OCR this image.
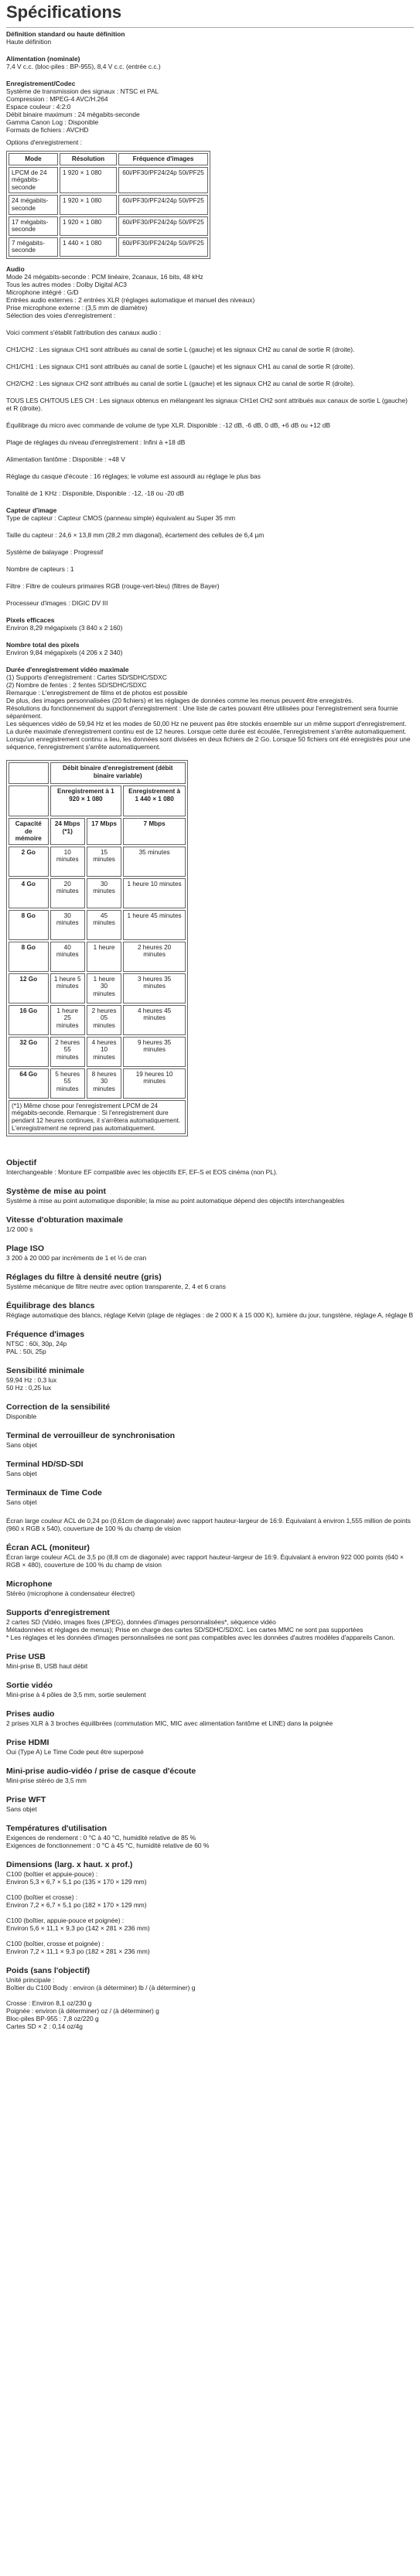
Spécifications
Définition standard ou haute définition
Haute définition
Alimentation (nominale)
7,4 V c.c. (bloc-piles : BP-955), 8,4 V c.c. (entrée c.c.)
Enregistrement/Codec
Système de transmission des signaux : NTSC et PAL
Compression : MPEG-4 AVC/H.264
Espace couleur : 4:2:0
Débit binaire maximum : 24 mégabits-seconde
Gamma Canon Log : Disponible
Formats de fichiers : AVCHD
Options d'enregistrement :
Mode	Résolution	Fréquence d'images
LPCM de 24 mégabits-seconde	1 920 × 1 080	60i/PF30/PF24/24p 50i/PF25
24 mégabits-seconde	1 920 × 1 080	60i/PF30/PF24/24p 50i/PF25
17 mégabits-seconde	1 920 × 1 080	60i/PF30/PF24/24p 50i/PF25
7 mégabits-seconde	1 440 × 1 080	60i/PF30/PF24/24p 50i/PF25
Audio
Mode 24 mégabits-seconde : PCM linéaire, 2canaux, 16 bits, 48 kHz
Tous les autres modes : Dolby Digital AC3
Microphone intégré : G/D
Entrées audio externes : 2 entrées XLR (réglages automatique et manuel des niveaux)
Prise microphone externe : (3,5 mm de diamètre)
Sélection des voies d'enregistrement :
Voici comment s'établit l'attribution des canaux audio :
CH1/CH2 : Les signaux CH1 sont attribués au canal de sortie L (gauche) et les signaux CH2 au canal de sortie R (droite).
CH1/CH1 : Les signaux CH1 sont attribués au canal de sortie L (gauche) et les signaux CH1 au canal de sortie R (droite).
CH2/CH2 : Les signaux CH2 sont attribués au canal de sortie L (gauche) et les signaux CH2 au canal de sortie R (droite).
TOUS LES CH/TOUS LES CH : Les signaux obtenus en mélangeant les signaux CH1et CH2 sont attribués aux canaux de sortie L (gauche) et R (droite).
Équilibrage du micro avec commande de volume de type XLR. Disponible : -12 dB, -6 dB, 0 dB, +6 dB ou +12 dB
Plage de réglages du niveau d'enregistrement : Infini à +18 dB
Alimentation fantôme : Disponible : +48 V
Réglage du casque d'écoute : 16 réglages; le volume est assourdi au réglage le plus bas
Tonalité de 1 KHz : Disponible, Disponible : -12, -18 ou -20 dB
Capteur d'image
Type de capteur : Capteur CMOS (panneau simple) équivalent au Super 35 mm
Taille du capteur : 24,6 × 13,8 mm (28,2 mm diagonal), écartement des cellules de 6,4 µm
Système de balayage : Progressif
Nombre de capteurs : 1
Filtre : Filtre de couleurs primaires RGB (rouge-vert-bleu) (filtres de Bayer)
Processeur d'images : DIGIC DV III
Pixels efficaces
Environ 8,29 mégapixels (3 840 x 2 160)
Nombre total des pixels
Environ 9,84 mégapixels (4 206 x 2 340)
Durée d'enregistrement vidéo maximale
(1) Supports d'enregistrement : Cartes SD/SDHC/SDXC
(2) Nombre de fentes : 2 fentes SD/SDHC/SDXC
Remarque : L'enregistrement de films et de photos est possible
De plus, des images personnalisées (20 fichiers) et les réglages de données comme les menus peuvent être enregistrés.
Résolutions du fonctionnement du support d'enregistrement : Une liste de cartes pouvant être utilisées pour l'enregistrement sera fournie séparément.
Les séquences vidéo de 59,94 Hz et les modes de 50,00 Hz ne peuvent pas être stockés ensemble sur un même support d'enregistrement.
La durée maximale d'enregistrement continu est de 12 heures. Lorsque cette durée est écoulée, l'enregistrement s'arrête automatiquement. Lorsqu'un enregistrement continu a lieu, les données sont divisées en deux fichiers de 2 Go. Lorsque 50 fichiers ont été enregistrés pour une séquence, l'enregistrement s'arrête automatiquement.
	Débit binaire d'enregistrement (débit binaire variable)		
	Enregistrement à 1 920 × 1 080		Enregistrement à 1 440 × 1 080
Capacité de mémoire	24 Mbps (*1)	17 Mbps	7 Mbps
2 Go	10 minutes	15 minutes	35 minutes
4 Go	20 minutes	30 minutes	1 heure 10 minutes
8 Go	30 minutes	45 minutes	1 heure 45 minutes
8 Go	40 minutes	1 heure	2 heures 20 minutes
12 Go	1 heure 5 minutes	1 heure 30 minutes	3 heures 35 minutes
16 Go	1 heure 25 minutes	2 heures 05 minutes	4 heures 45 minutes
32 Go	2 heures 55 minutes	4 heures 10 minutes	9 heures 35 minutes
64 Go	5 heures 55 minutes	8 heures 30 minutes	19 heures 10 minutes
(*1) Même chose pour l'enregistrement LPCM de 24 mégabits-seconde. Remarque : Si l'enregistrement dure pendant 12 heures continues, il s'arrêtera automatiquement. L'enregistrement ne reprend pas automatiquement.			
Objectif
Interchangeable : Monture EF compatible avec les objectifs EF, EF-S et EOS cinéma (non PL).
Système de mise au point
Système à mise au point automatique disponible; la mise au point automatique dépend des objectifs interchangeables
Vitesse d'obturation maximale
1/2 000 s
Plage ISO
3 200 à 20 000 par incréments de 1 et ⅓ de cran
Réglages du filtre à densité neutre (gris)
Système mécanique de filtre neutre avec option transparente, 2, 4 et 6 crans
Équilibrage des blancs
Réglage automatique des blancs, réglage Kelvin (plage de réglages : de 2 000 K à 15 000 K), lumière du jour, tungstène, réglage A, réglage B
Fréquence d'images
NTSC : 60i, 30p, 24p
PAL : 50i, 25p
Sensibilité minimale
59,94 Hz : 0,3 lux
50 Hz : 0,25 lux
Correction de la sensibilité
Disponible
Terminal de verrouilleur de synchronisation
Sans objet
Terminal HD/SD-SDI
Sans objet
Terminaux de Time Code
Sans objet
Écran large couleur ACL de 0,24 po (0,61cm de diagonale) avec rapport hauteur-largeur de 16:9. Équivalant à environ 1,555 million de points (960 x RGB x 540), couverture de 100 % du champ de vision
Écran ACL (moniteur)
Écran large couleur ACL de 3,5 po (8,8 cm de diagonale) avec rapport hauteur-largeur de 16:9. Équivalant à environ 922 000 points (640 × RGB × 480), couverture de 100 % du champ de vision
Microphone
Stéréo (microphone à condensateur électret)
Supports d'enregistrement
2 cartes SD (Vidéo, images fixes (JPEG), données d'images personnalisées*, séquence vidéo
Métadonnées et réglages de menus); Prise en charge des cartes SD/SDHC/SDXC. Les cartes MMC ne sont pas supportées
* Les réglages et les données d'images personnalisées ne sont pas compatibles avec les données d'autres modèles d'appareils Canon.
Prise USB
Mini-prise B, USB haut débit
Sortie vidéo
Mini-prise à 4 pôles de 3,5 mm, sortie seulement
Prises audio
2 prises XLR à 3 broches équilibrées (commutation MIC, MIC avec alimentation fantôme et LINE) dans la poignée
Prise HDMI
Oui (Type A) Le Time Code peut être superposé
Mini-prise audio-vidéo / prise de casque d'écoute
Mini-prise stéréo de 3,5 mm
Prise WFT
Sans objet
Températures d'utilisation
Exigences de rendement : 0 °C à 40 °C, humidité relative de 85 %
Exigences de fonctionnement : 0 °C à 45 °C, humidité relative de 60 %
Dimensions (larg. x haut. x prof.)
C100 (boîtier et appuie-pouce) :
Environ 5,3 × 6,7 × 5,1 po (135 × 170 × 129 mm)
C100 (boîtier et crosse) :
Environ 7,2 × 6,7 × 5,1 po (182 × 170 × 129 mm)
C100 (boîtier, appuie-pouce et poignée) :
Environ 5,6 × 11,1 × 9,3 po (142 × 281 × 236 mm)
C100 (boîtier, crosse et poignée) :
Environ 7,2 × 11,1 × 9,3 po (182 × 281 × 236 mm)
Poids (sans l'objectif)
Unité principale :
Boîtier du C100 Body : environ (à déterminer) lb / (à déterminer) g
Crosse : Environ 8,1 oz/230 g
Poignée : environ (à déterminer) oz / (à déterminer) g
Bloc-piles BP-955 : 7,8 oz/220 g
Cartes SD × 2 : 0,14 oz/4g
